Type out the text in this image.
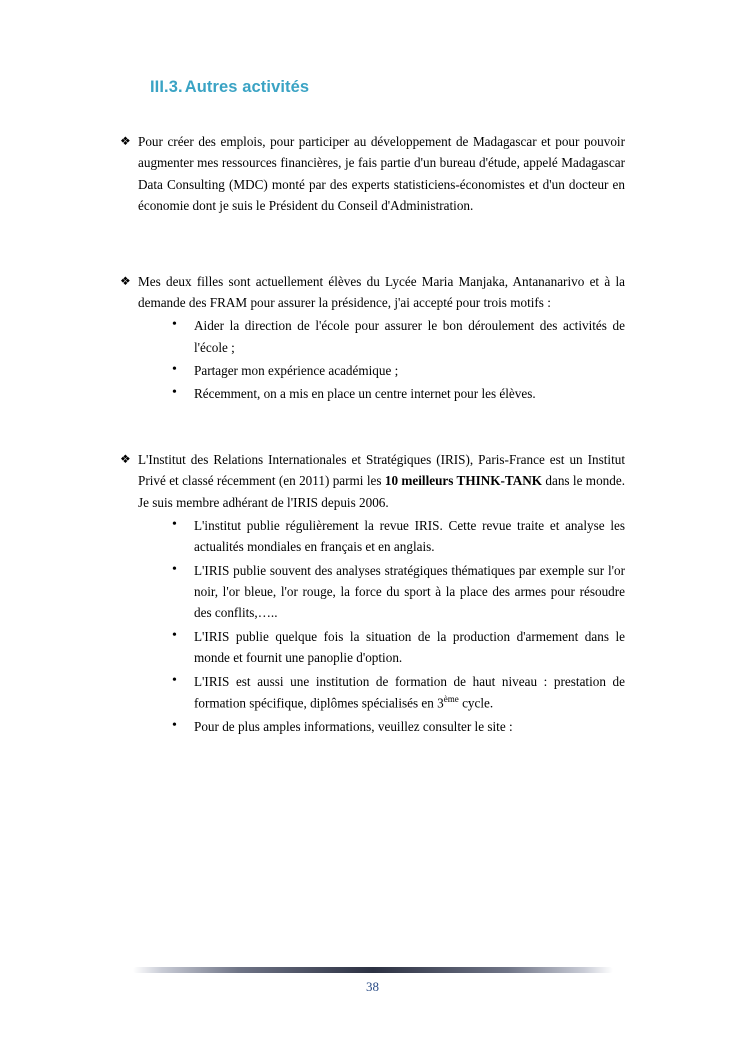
III.3. Autres activités
❖ Pour créer des emplois, pour participer au développement de Madagascar et pour pouvoir augmenter mes ressources financières, je fais partie d'un bureau d'étude, appelé Madagascar Data Consulting (MDC) monté par des experts statisticiens-économistes et d'un docteur en économie dont je suis le Président du Conseil d'Administration.

❖ Mes deux filles sont actuellement élèves du Lycée Maria Manjaka, Antananarivo et à la demande des FRAM pour assurer la présidence, j'ai accepté pour trois motifs :

• Aider la direction de l'école pour assurer le bon déroulement des activités de l'école ;
• Partager mon expérience académique ;
• Récemment, on a mis en place un centre internet pour les élèves.
❖ L'Institut des Relations Internationales et Stratégiques (IRIS), Paris-France est un Institut Privé et classé récemment (en 2011) parmi les 10 meilleurs THINK-TANK dans le monde. Je suis membre adhérant de l'IRIS depuis 2006.

• L'institut publie régulièrement la revue IRIS. Cette revue traite et analyse les actualités mondiales en français et en anglais.
• L'IRIS publie souvent des analyses stratégiques thématiques par exemple sur l'or noir, l'or bleue, l'or rouge, la force du sport à la place des armes pour résoudre des conflits,…..
• L'IRIS publie quelque fois la situation de la production d'armement dans le monde et fournit une panoplie d'option.
• L'IRIS est aussi une institution de formation de haut niveau : prestation de formation spécifique, diplômes spécialisés en 3ème cycle.
• Pour de plus amples informations, veuillez consulter le site :
38
